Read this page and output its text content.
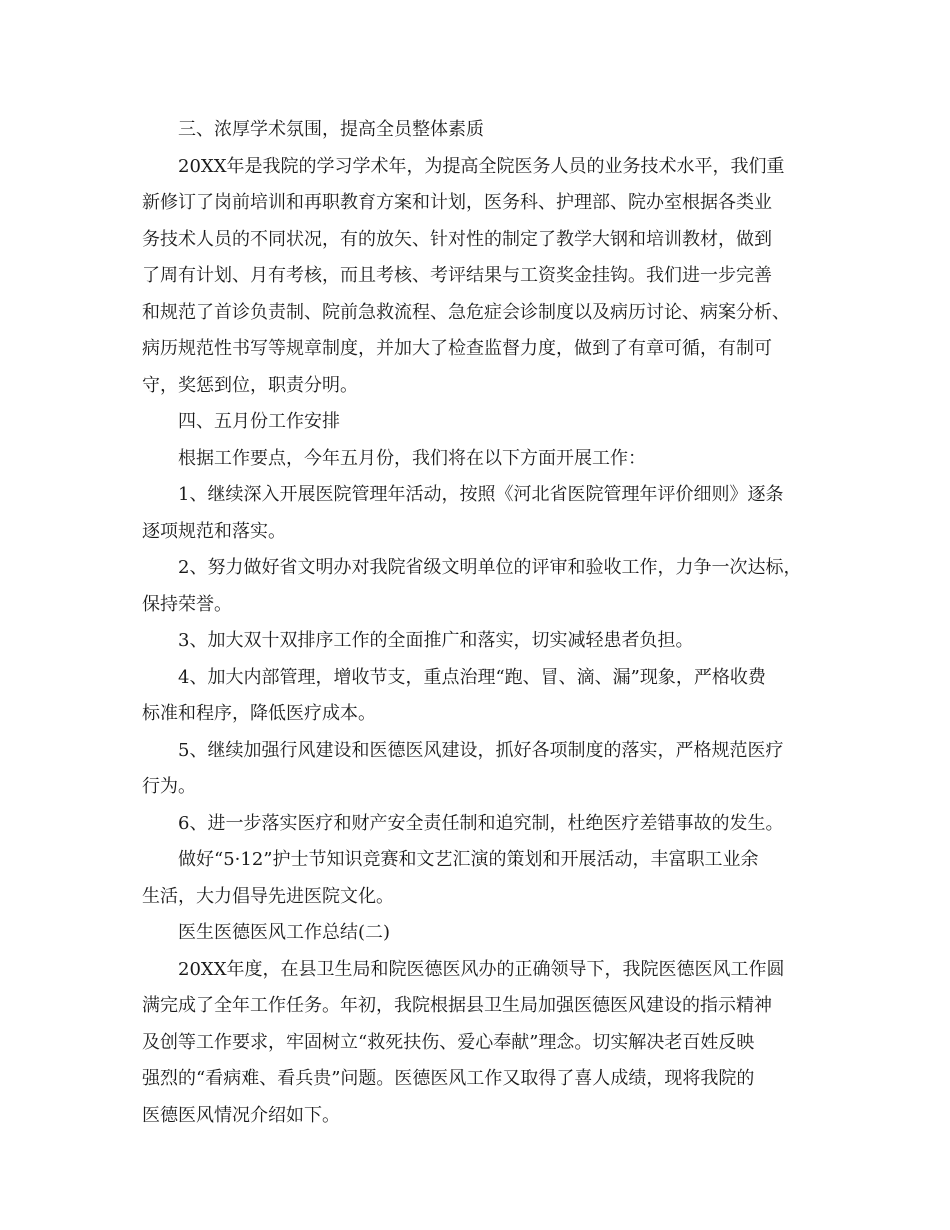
三、浓厚学术氛围，提高全员整体素质
20XX年是我院的学习学术年，为提高全院医务人员的业务技术水平，我们重
新修订了岗前培训和再职教育方案和计划，医务科、护理部、院办室根据各类业
务技术人员的不同状况，有的放矢、针对性的制定了教学大钢和培训教材，做到
了周有计划、月有考核，而且考核、考评结果与工资奖金挂钩。我们进一步完善
和规范了首诊负责制、院前急救流程、急危症会诊制度以及病历讨论、病案分析、
病历规范性书写等规章制度，并加大了检查监督力度，做到了有章可循，有制可
守，奖惩到位，职责分明。
四、五月份工作安排
根据工作要点，今年五月份，我们将在以下方面开展工作：
1、继续深入开展医院管理年活动，按照《河北省医院管理年评价细则》逐条
逐项规范和落实。
2、努力做好省文明办对我院省级文明单位的评审和验收工作，力争一次达标，
保持荣誉。
3、加大双十双排序工作的全面推广和落实，切实减轻患者负担。
4、加大内部管理，增收节支，重点治理“跑、冒、滴、漏”现象，严格收费
标准和程序，降低医疗成本。
5、继续加强行风建设和医德医风建设，抓好各项制度的落实，严格规范医疗
行为。
6、进一步落实医疗和财产安全责任制和追究制，杜绝医疗差错事故的发生。
做好“5·12”护士节知识竞赛和文艺汇演的策划和开展活动，丰富职工业余
生活，大力倡导先进医院文化。
医生医德医风工作总结(二)
20XX年度，在县卫生局和院医德医风办的正确领导下，我院医德医风工作圆
满完成了全年工作任务。年初，我院根据县卫生局加强医德医风建设的指示精神
及创等工作要求，牢固树立“救死扶伤、爱心奉献”理念。切实解决老百姓反映
强烈的“看病难、看兵贵”问题。医德医风工作又取得了喜人成绩，现将我院的
医德医风情况介绍如下。
